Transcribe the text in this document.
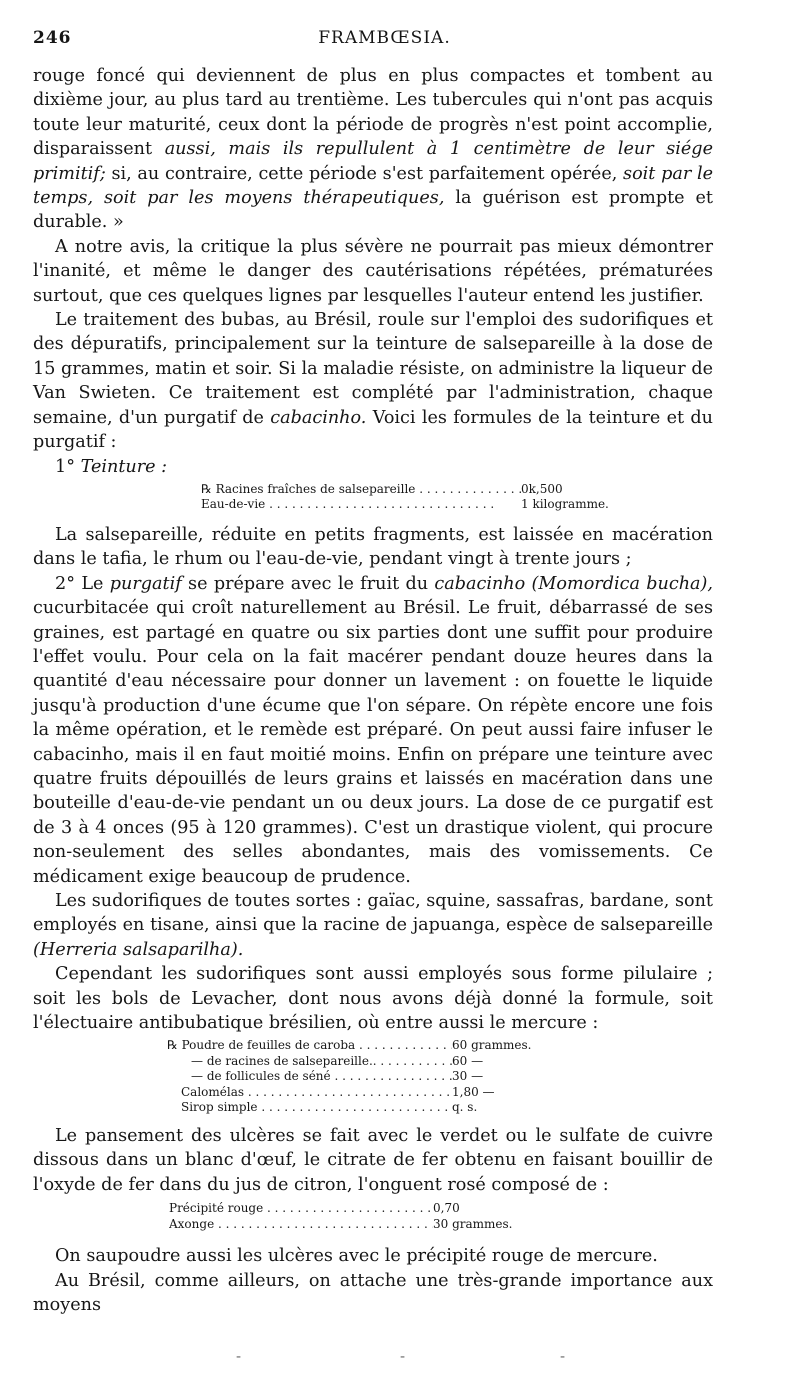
246	FRAMBŒSIA.

rouge foncé qui deviennent de plus en plus compactes et tombent au dixième jour, au plus tard au trentième. Les tubercules qui n'ont pas acquis toute leur maturité, ceux dont la période de progrès n'est point accomplie, disparaissent aussi, mais ils repullulent à 1 centimètre de leur siége primitif; si, au contraire, cette période s'est parfaitement opérée, soit par le temps, soit par les moyens thérapeutiques, la guérison est prompte et durable. »

A notre avis, la critique la plus sévère ne pourrait pas mieux démontrer l'inanité, et même le danger des cautérisations répétées, prématurées surtout, que ces quelques lignes par lesquelles l'auteur entend les justifier.

Le traitement des bubas, au Brésil, roule sur l'emploi des sudorifiques et des dépuratifs, principalement sur la teinture de salsepareille à la dose de 15 grammes, matin et soir. Si la maladie résiste, on administre la liqueur de Van Swieten. Ce traitement est complété par l'administration, chaque semaine, d'un purgatif de cabacinho. Voici les formules de la teinture et du purgatif :

1° Teinture :

℞ Racines fraîches de salsepareille . . .	0k,500
Eau-de-vie . . .	1 kilogramme.

La salsepareille, réduite en petits fragments, est laissée en macération dans le tafia, le rhum ou l'eau-de-vie, pendant vingt à trente jours ;

2° Le purgatif se prépare avec le fruit du cabacinho (Momordica bucha), cucurbitacée qui croît naturellement au Brésil. Le fruit, débarrassé de ses graines, est partagé en quatre ou six parties dont une suffit pour produire l'effet voulu. Pour cela on la fait macérer pendant douze heures dans la quantité d'eau nécessaire pour donner un lavement : on fouette le liquide jusqu'à production d'une écume que l'on sépare. On répète encore une fois la même opération, et le remède est préparé. On peut aussi faire infuser le cabacinho, mais il en faut moitié moins. Enfin on prépare une teinture avec quatre fruits dépouillés de leurs grains et laissés en macération dans une bouteille d'eau-de-vie pendant un ou deux jours. La dose de ce purgatif est de 3 à 4 onces (95 à 120 grammes). C'est un drastique violent, qui procure non-seulement des selles abondantes, mais des vomissements. Ce médicament exige beaucoup de prudence.

Les sudorifiques de toutes sortes : gaïac, squine, sassafras, bardane, sont employés en tisane, ainsi que la racine de japuanga, espèce de salsepareille (Herreria salsaparilha).

Cependant les sudorifiques sont aussi employés sous forme pilulaire ; soit les bols de Levacher, dont nous avons déjà donné la formule, soit l'électuaire antibubatique brésilien, où entre aussi le mercure :

℞ Poudre de feuilles de caroba . . .	60 grammes.
— de racines de salsepareille.. . . .	60 —
— de follicules de séné . . .	30 —
Calomélas . . .	1,80 —
Sirop simple . . .	q. s.

Le pansement des ulcères se fait avec le verdet ou le sulfate de cuivre dissous dans un blanc d'œuf, le citrate de fer obtenu en faisant bouillir de l'oxyde de fer dans du jus de citron, l'onguent rosé composé de :

Précipité rouge . . .	0,70
Axonge . . .	30 grammes.

On saupoudre aussi les ulcères avec le précipité rouge de mercure.

Au Brésil, comme ailleurs, on attache une très-grande importance aux moyens

-	-	-
